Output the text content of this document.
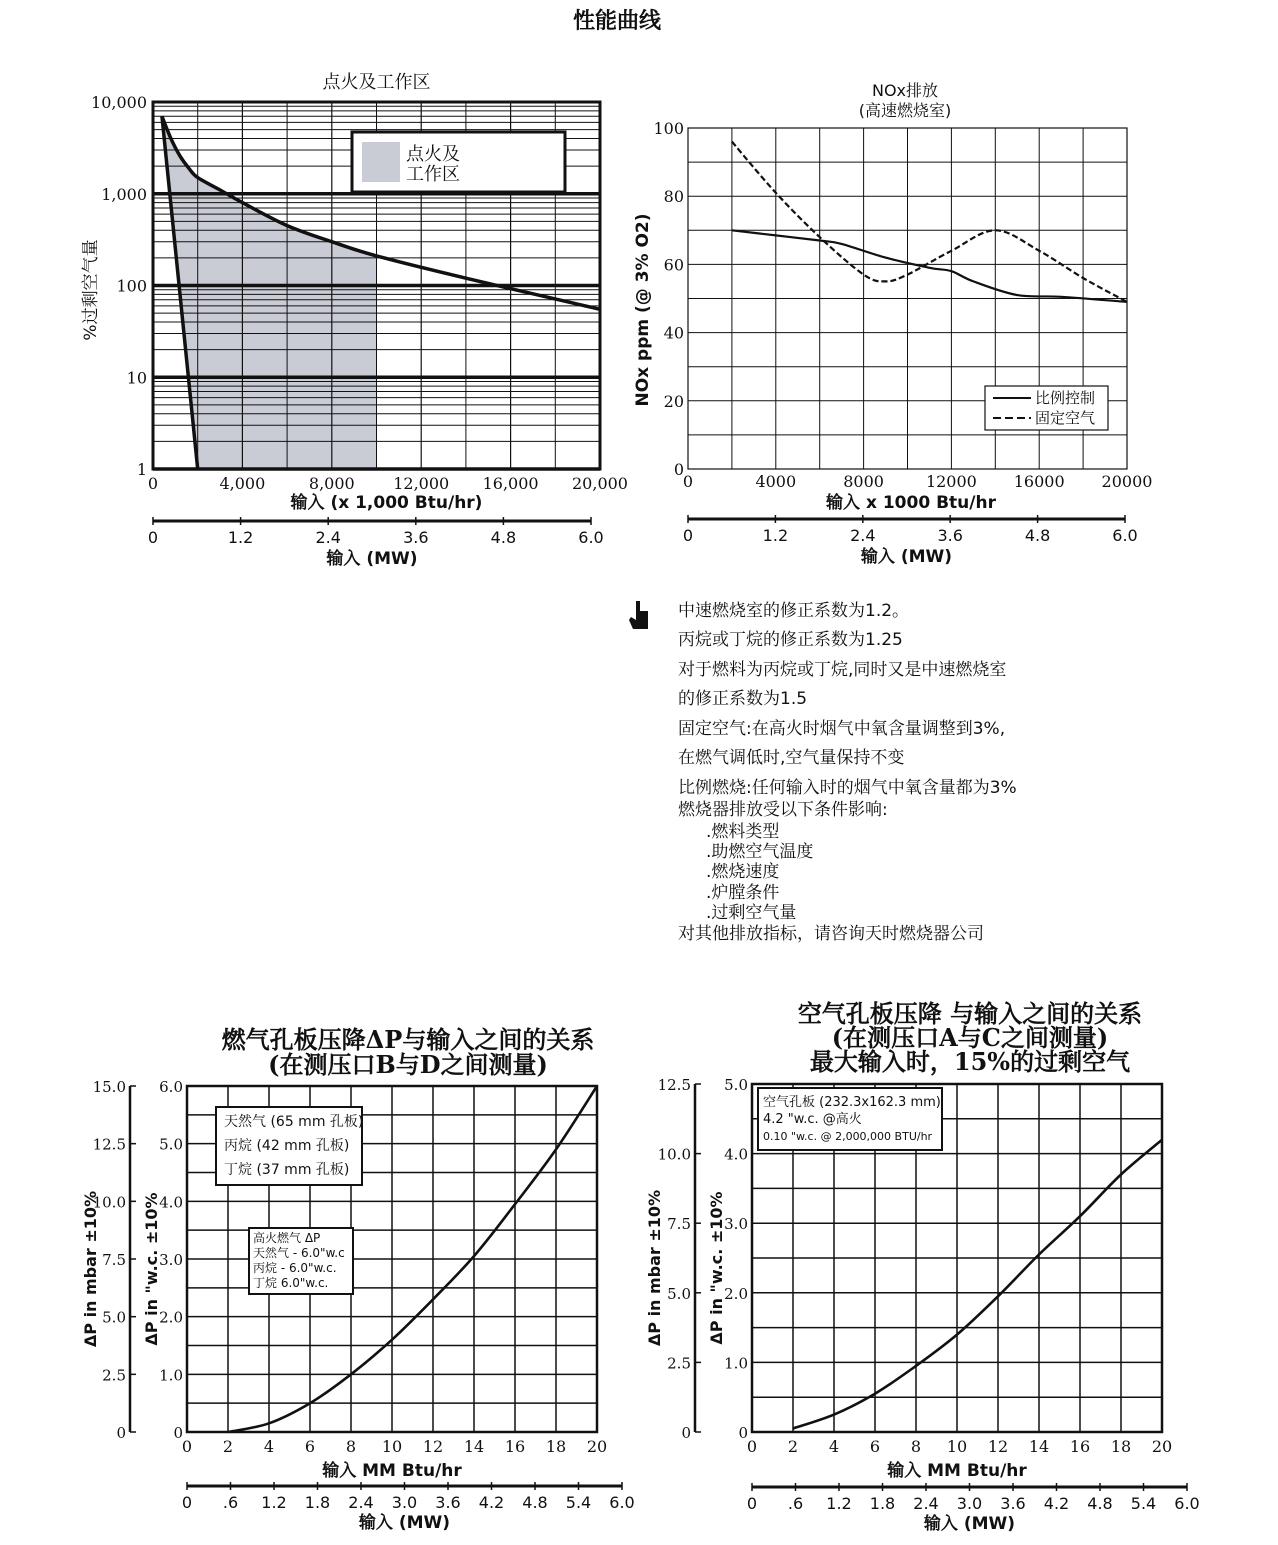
性能曲线
点火及工作区
0	4,000	8,000 12,000 16,000 20,000
1
10
100
1,000
10,000
输入 (x 1,000 Btu/hr)
%过剩空气量
点火及
工作区
0	1.2	2.4	3.6	4.8	6.0
输入 (MW)
NOx排放
(高速燃烧室)
0	4000	8000	12000 16000 20000
0
20
40
60
80
100
输入 x 1000 Btu/hr
NOx ppm (@ 3% O2)	比例控制
固定空气
0	1.2	2.4	3.6	4.8	6.0
输入 (MW)
燃气孔板压降ΔP与输入之间的关系
(在测压口B与D之间测量)
0
1.0
2.0
3.0
4.0
5.0
6.0
0
2.5
5.0
7.5
10.0
12.5
15.0
ΔP in mbar ±10%	ΔP in "w.c. ±10%
0 2 4 6 8 10 12 14 16 18 20
输入 MM Btu/hr
0 .6 1.2 1.8 2.4 3.0 3.6 4.2 4.8 5.4 6.0
输入 (MW)
天然气 (65 mm 孔板)
丙烷 (42 mm 孔板)
丁烷 (37 mm 孔板)
高火燃气 ΔP
天然气 - 6.0"w.c
丙烷 - 6.0"w.c.
丁烷 6.0"w.c.
空气孔板压降 与输入之间的关系
(在测压口A与C之间测量)
最大输入时，15%的过剩空气
0
1.0
2.0
3.0
4.0
5.0
0
2.5
5.0
7.5
10.0
12.5
ΔP in mbar ±10%	ΔP in "w.c. ±10%
0 2 4 6 8 10 12 14 16 18 20
输入 MM Btu/hr
0 .6 1.2 1.8 2.4 3.0 3.6 4.2 4.8 5.4 6.0
输入 (MW)
空气孔板 (232.3x162.3 mm)
4.2 "w.c. @高火
0.10 "w.c. @ 2,000,000 BTU/hr
中速燃烧室的修正系数为1.2。
丙烷或丁烷的修正系数为1.25
对于燃料为丙烷或丁烷,同时又是中速燃烧室
的修正系数为1.5
固定空气:在高火时烟气中氧含量调整到3%,
在燃气调低时,空气量保持不变
比例燃烧:任何输入时的烟气中氧含量都为3%
燃烧器排放受以下条件影响:
.燃料类型
.助燃空气温度
.燃烧速度
.炉膛条件
.过剩空气量
对其他排放指标，请咨询天时燃烧器公司
